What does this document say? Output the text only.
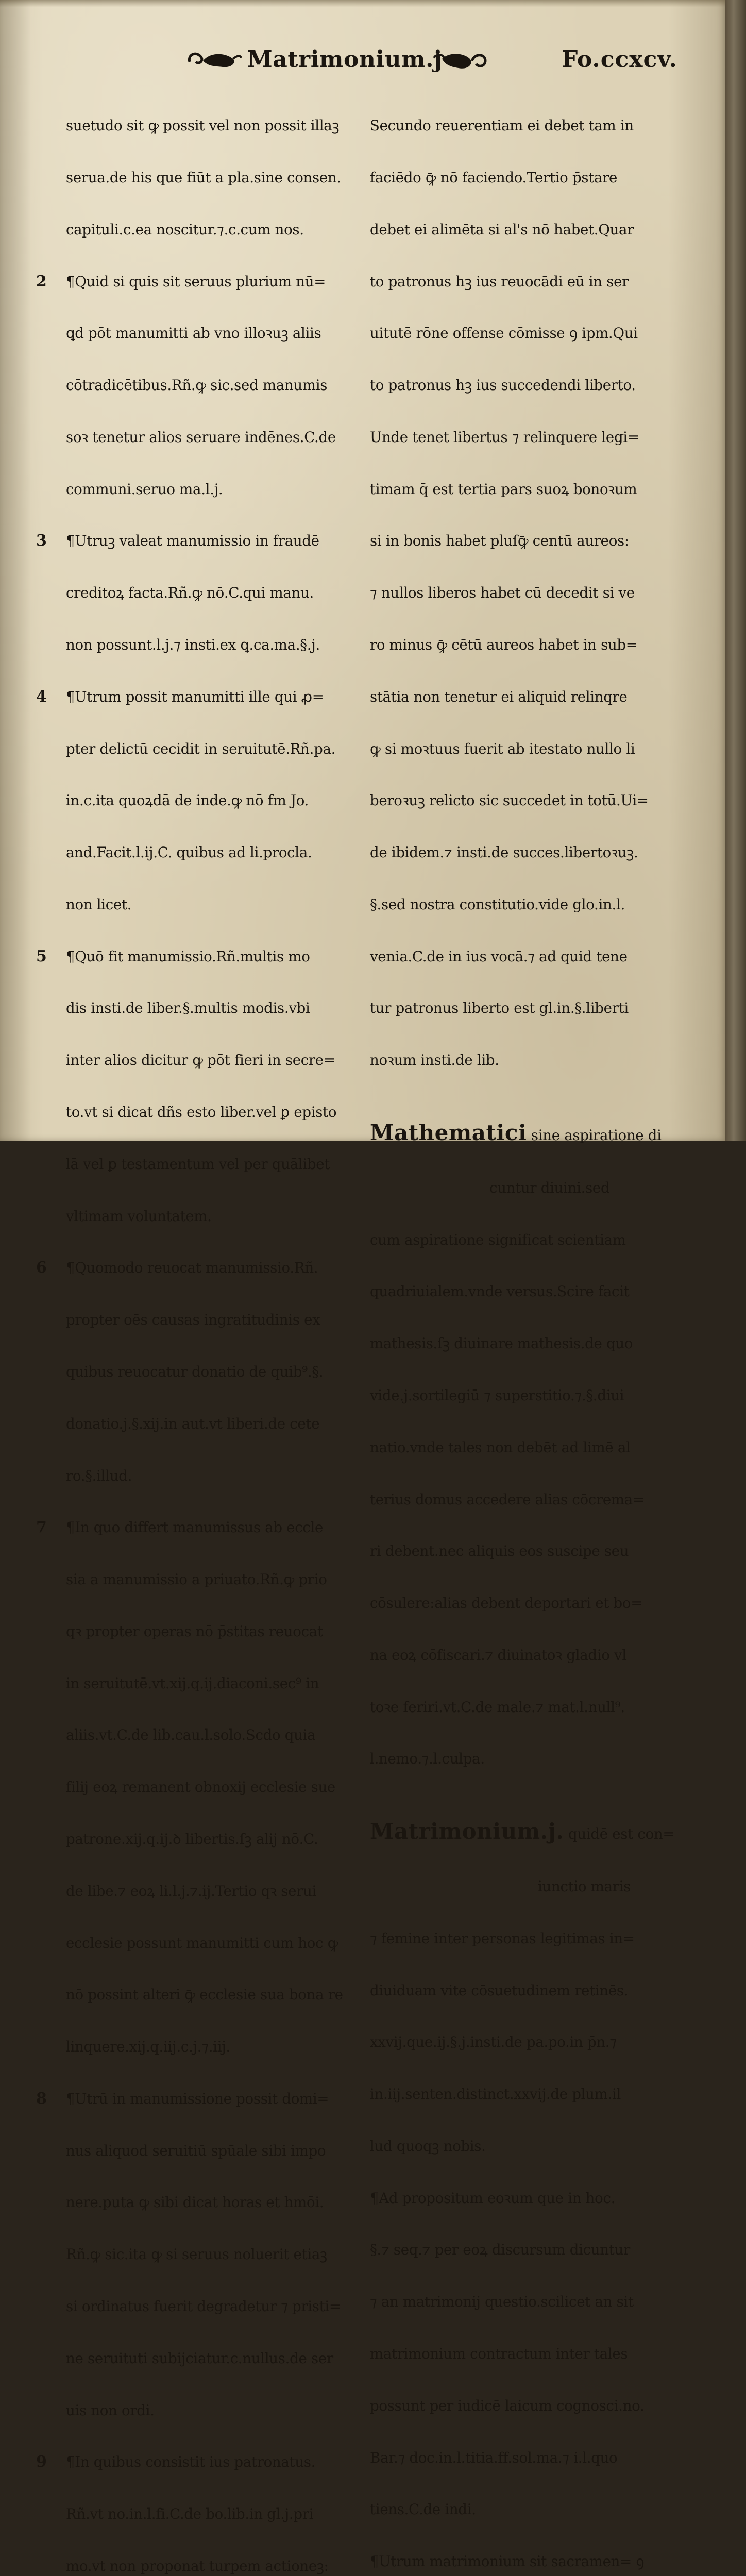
Matrimonium.j	Fo.ccxcv.

suetudo sit ꝙ possit vel non possit illaꝫ

serua.de his que fiūt a pla.sine consen.

capituli.c.ea noscitur.⁊.c.cum nos.

2 ¶Quid si quis sit seruus plurium nū=

ꝗd pōt manumitti ab vno illoꝛuꝫ aliis

cōtradicētibus.Rñ.ꝙ sic.sed manumis

soꝛ tenetur alios seruare indēnes.C.de

communi.seruo ma.l.j.

3 ¶Utruꝫ valeat manumissio in fraudē

creditoꝝ facta.Rñ.ꝙ nō.C.qui manu.

non possunt.l.j.⁊ insti.ex ꝗ.ca.ma.§.j.

4 ¶Utrum possit manumitti ille qui ꝓ=

pter delictū cecidit in seruitutē.Rñ.pa.

in.c.ita quoꝝdā de inde.ꝙ nō fm Jo.

and.Facit.l.ij.C. quibus ad li.procla.

non licet.

5 ¶Quō fit manumissio.Rñ.multis mo

dis insti.de liber.§.multis modis.vbi

inter alios dicitur ꝙ pōt fieri in secre=

to.vt si dicat dñs esto liber.vel ꝑ episto

lā vel ꝑ testamentum vel per quālibet

vltimam voluntatem.

6 ¶Quomodo reuocat manumissio.Rñ.

propter oēs causas ingratitudinis ex

quibus reuocatur donatio de quib⁹.§.

donatio.j.§.xij.in aut.vt liberi.de cete

ro.§.illud.

7 ¶In quo differt manumissus ab eccle

sia a manumissio a priuato.Rñ.ꝙ prio

qꝛ propter operas nō p̄stitas reuocat

in seruitutē.vt.xij.q.ij.diaconi.sec⁹ in

aliis.vt.C.de lib.cau.l.solo.Scdo quia

filij eoꝝ remanent obnoxij ecclesie sue

patrone.xij.q.ij.ꝺ libertis.ſꝫ alij nō.C.

de libe.⁊ eoꝝ li.l.j.⁊.ij.Tertio qꝛ serui

ecclesie possunt manumitti cum hoc ꝙ

nō possint alteri ꝙ̄ ecclesie sua bona re

linquere.xij.q.iij.c.j.⁊.iij.

8 ¶Utrū in manumissione possit domi=

nus aliquod seruitiū spūale sibi impo

nere.puta ꝙ sibi dicat horas et hmōi.

Rñ.ꝙ sic.ita ꝙ si seruus noluerit etiaꝫ

si ordinatus fuerit degradetur ⁊ pristi=

ne seruituti subijciatur.c.nullus.de ser

uis non ordi.

9 ¶In quibus consistit ius patronatus.

Rñ.vt no.in.l.fi.C.de bo.lib.in gl.j.pri

mo.vt non proponat turpem actioneꝫ:

Secundo reuerentiam ei debet tam in

faciēdo ꝙ̄ nō faciendo.Tertio p̄stare

debet ei alimēta si al's nō habet.Quar

to patronus hꝫ ius reuocādi eū in ser

uitutē rōne offense cōmisse ꝯ ipm.Qui

to patronus hꝫ ius succedendi liberto.

Unde tenet libertus ⁊ relinquere legi=

timam q̄ est tertia pars suoꝝ bonoꝛum

si in bonis habet pluſꝙ̄ centū aureos:

⁊ nullos liberos habet cū decedit si ve

ro minus ꝙ̄ cētū aureos habet in sub=

stātia non tenetur ei aliquid relinqre

ꝙ si moꝛtuus fuerit ab itestato nullo li

beroꝛuꝫ relicto sic succedet in totū.Ui=

de ibidem.⁊ insti.de succes.libertoꝛuꝫ.

§.sed nostra constitutio.vide glo.in.l.

venia.C.de in ius vocā.⁊ ad quid tene

tur patronus liberto est gl.in.§.liberti

noꝛum insti.de lib.

Mathematici sine aspiratione di

cuntur diuini.sed

cum aspiratione significat scientiam

quadriuialem.vnde versus.Scire facit

mathesis.ſꝫ diuinare mathesis.de quo

vide.j.sortilegiū ⁊ superstitio.⁊.§.diui

natio.vnde tales non debēt ad limē al

terius domus accedere alias cōcrema=

ri debent.nec aliquis eos suscipe seu

cōsulere:alias debent deportari et bo=

na eoꝝ cōfiscari.⁊ diuinatoꝛ gladio vl

toꝛe feriri.vt.C.de male.⁊ mat.l.null⁹.

l.nemo.⁊.l.culpa.

Matrimonium.j. quidē est con=

iunctio maris

⁊ femine inter personas legitimas in=

diuiduam vite cōsuetudinem retinēs.

xxvij.que.ij.§.j.insti.de pa.po.in p̄n.⁊

in.iij.senten.distinct.xxvij.de plum.il

lud quoqꝫ nobis.

¶Ad propositum eoꝛum que in hoc.

§.⁊ seq.⁊ per eoꝝ discursum dicuntur

⁊ an matrimonij questio.scilicet an sit

matrimonium contractum inter tales

possunt per iudicē laicum cognosci.no.

Bar.⁊ doc.in.l.titia.ff.sol.ma.⁊ i.l.quo

tiens.C.de indi.

¶Utrum matrimonium sit sacramen= ꝯ
